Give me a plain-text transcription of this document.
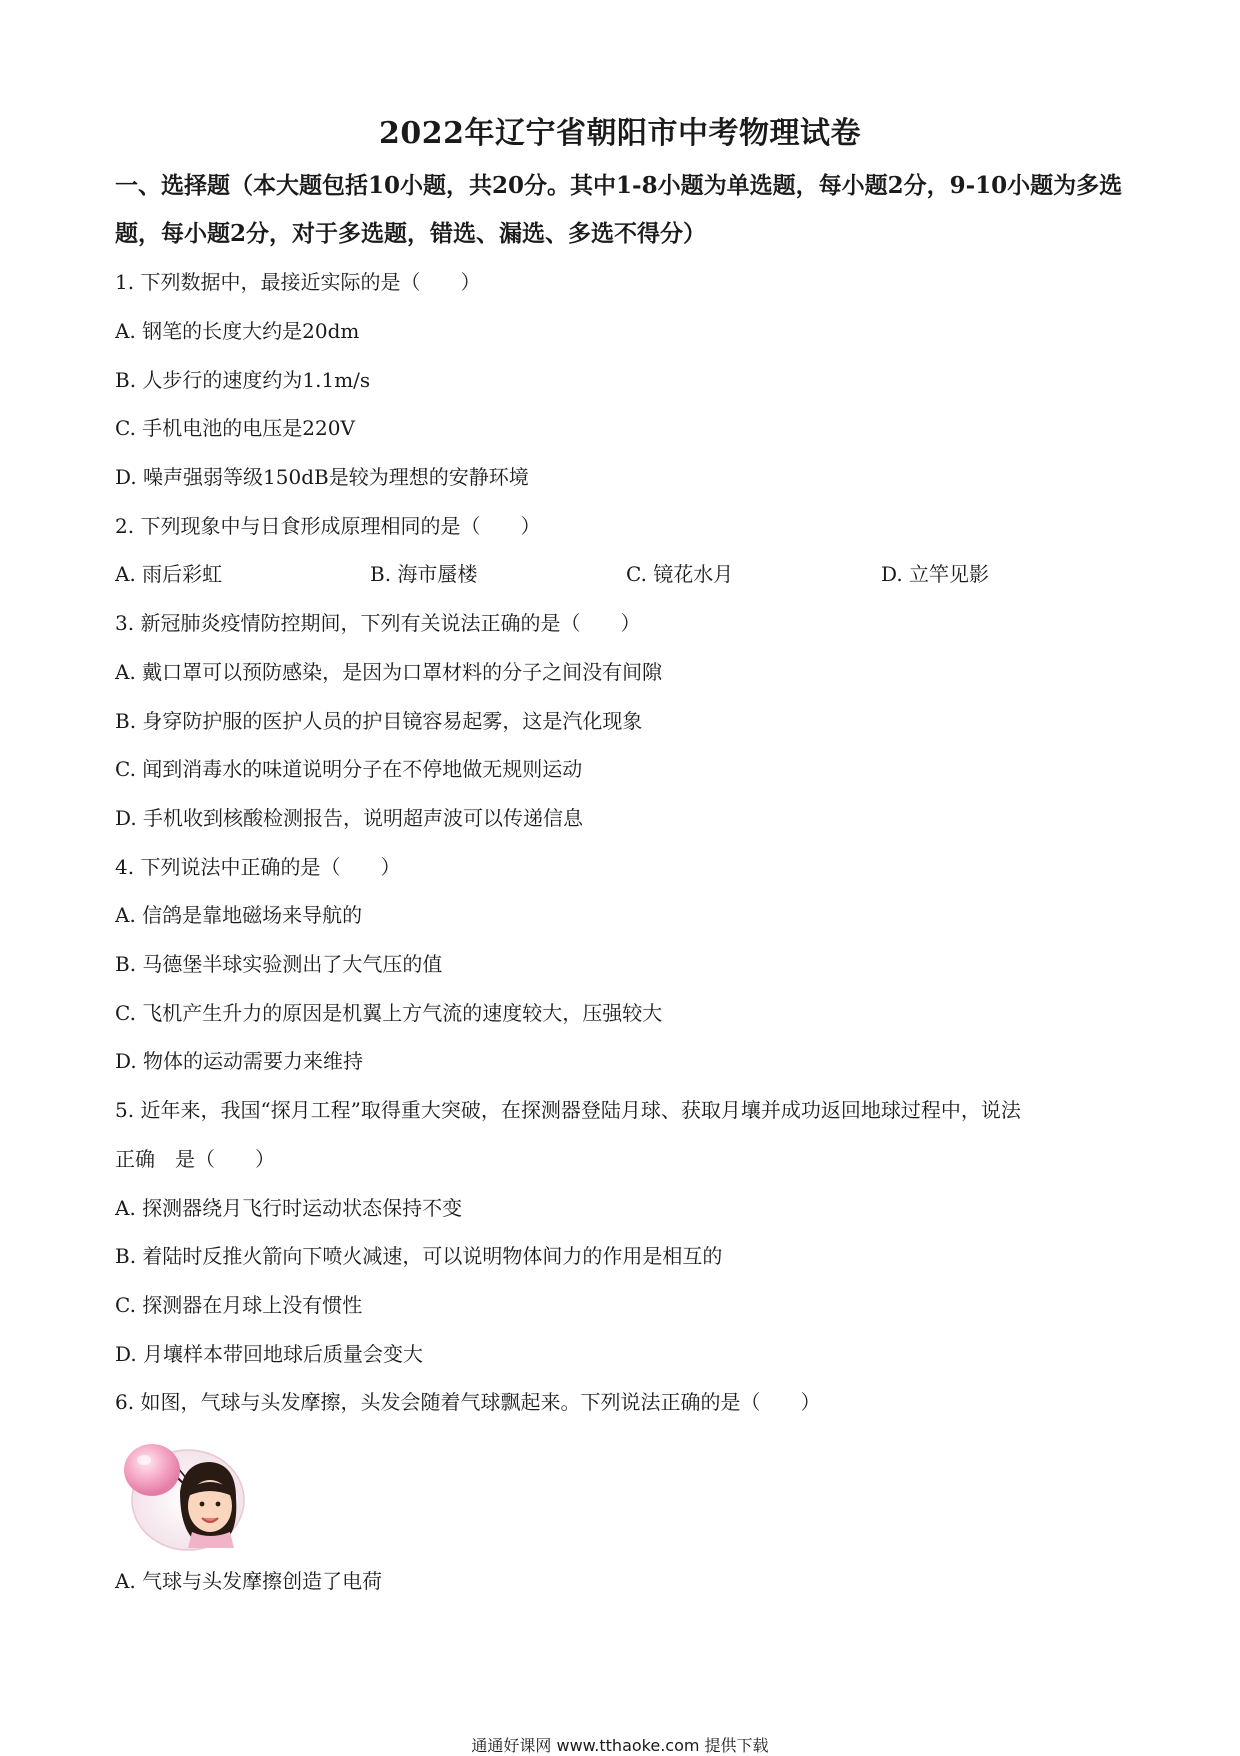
2022年辽宁省朝阳市中考物理试卷
一、选择题（本大题包括10小题，共20分。其中1-8小题为单选题，每小题2分，9-10小题为多选题，每小题2分，对于多选题，错选、漏选、多选不得分）
1. 下列数据中，最接近实际的是（　　）
A. 钢笔的长度大约是20dm
B. 人步行的速度约为1.1m/s
C. 手机电池的电压是220V
D. 噪声强弱等级150dB是较为理想的安静环境
2. 下列现象中与日食形成原理相同的是（　　）
A. 雨后彩虹	B. 海市蜃楼	C. 镜花水月	D. 立竿见影
3. 新冠肺炎疫情防控期间，下列有关说法正确的是（　　）
A. 戴口罩可以预防感染，是因为口罩材料的分子之间没有间隙
B. 身穿防护服的医护人员的护目镜容易起雾，这是汽化现象
C. 闻到消毒水的味道说明分子在不停地做无规则运动
D. 手机收到核酸检测报告，说明超声波可以传递信息
4. 下列说法中正确的是（　　）
A. 信鸽是靠地磁场来导航的
B. 马德堡半球实验测出了大气压的值
C. 飞机产生升力的原因是机翼上方气流的速度较大，压强较大
D. 物体的运动需要力来维持
5. 近年来，我国“探月工程”取得重大突破，在探测器登陆月球、获取月壤并成功返回地球过程中，说法
正确　是（　　）
A. 探测器绕月飞行时运动状态保持不变
B. 着陆时反推火箭向下喷火减速，可以说明物体间力的作用是相互的
C. 探测器在月球上没有惯性
D. 月壤样本带回地球后质量会变大
6. 如图，气球与头发摩擦，头发会随着气球飘起来。下列说法正确的是（　　）
A. 气球与头发摩擦创造了电荷
通通好课网 www.tthaoke.com 提供下载
